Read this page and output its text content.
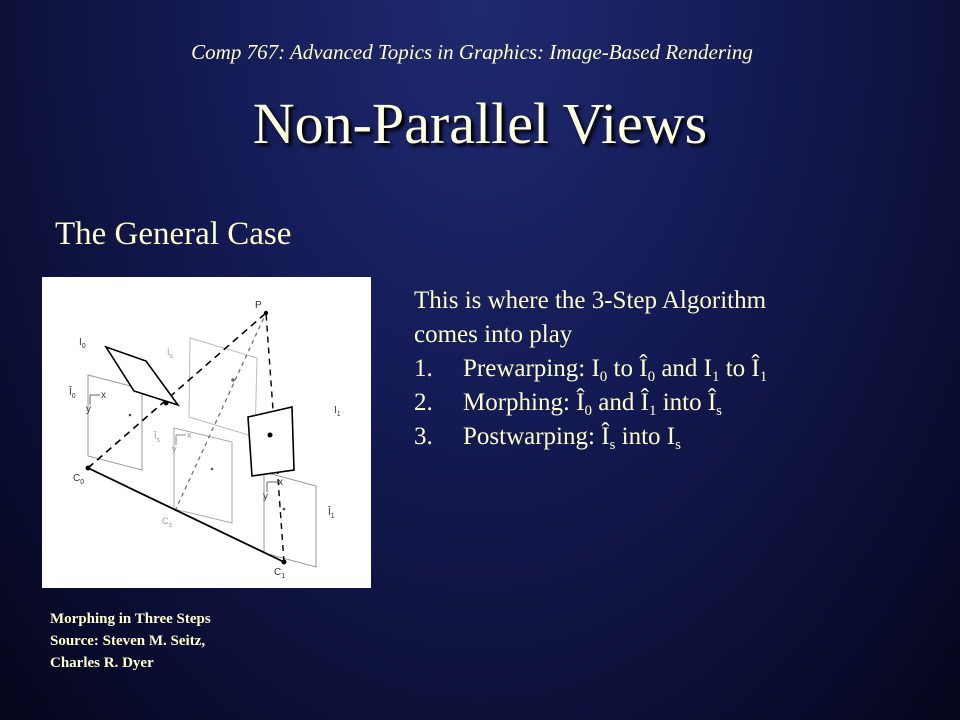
Comp 767: Advanced Topics in Graphics: Image-Based Rendering
Non-Parallel Views
The General Case
P
$I_0$
$I_s$
$I_1$
$Î_0$
$Î_s$
$Î_1$
$C_0$
$C_s$
$C_1$
x
y
x
y
x
y
Morphing in Three Steps
Source: Steven M. Seitz,
Charles R. Dyer
This is where the 3-Step Algorithm
comes into play
1. Prewarping: $I_0$ to $Î_0$ and $I_1$ to $Î_1$
2. Morphing: $Î_0$ and $Î_1$ into $Î_s$
3. Postwarping: $Î_s$ into $I_s$
